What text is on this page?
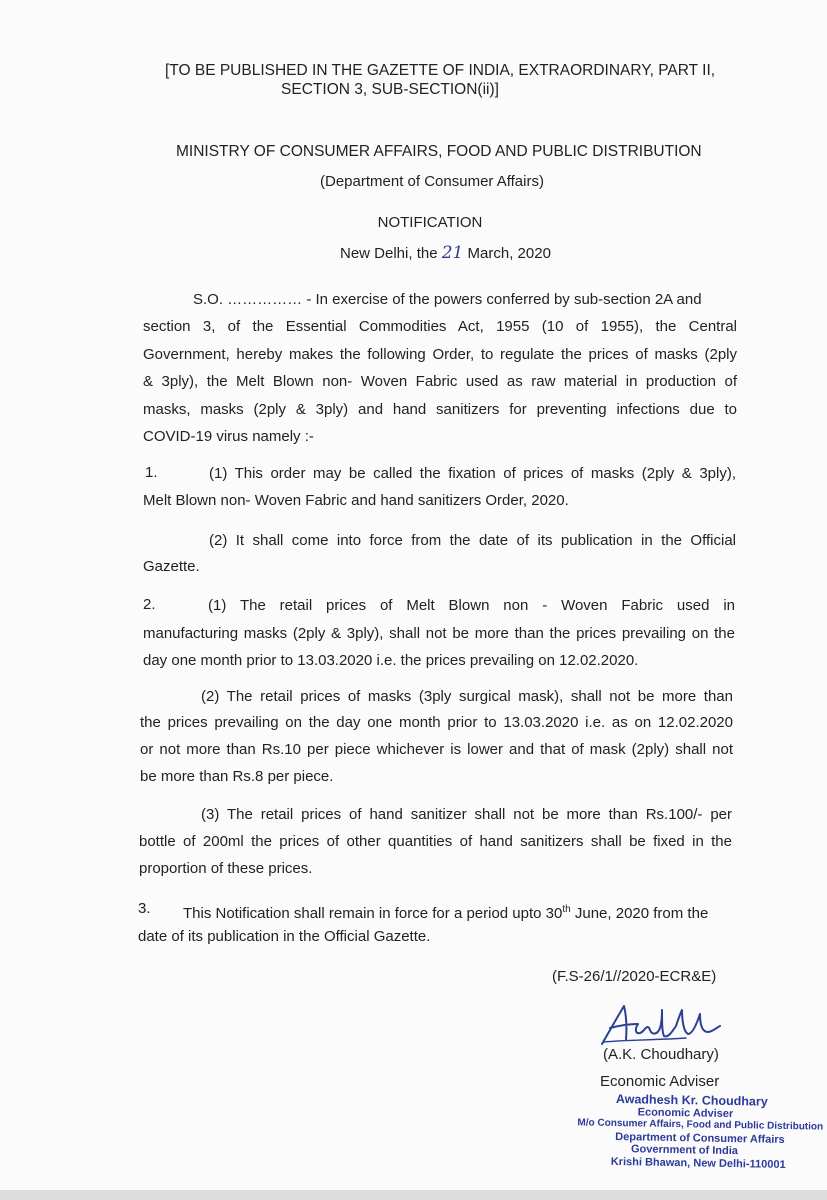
[TO BE PUBLISHED IN THE GAZETTE OF INDIA, EXTRAORDINARY, PART II,
SECTION 3, SUB-SECTION(ii)]
MINISTRY OF CONSUMER AFFAIRS, FOOD AND PUBLIC DISTRIBUTION
(Department of Consumer Affairs)
NOTIFICATION
New Delhi, the 21 March, 2020
S.O. …………… - In exercise of the powers conferred by sub-section 2A and
section 3, of the Essential Commodities Act, 1955 (10 of 1955), the Central
Government, hereby makes the following Order, to regulate the prices of masks (2ply
& 3ply), the Melt Blown non- Woven Fabric used as raw material in production of
masks, masks (2ply & 3ply) and hand sanitizers for preventing infections due to
COVID-19 virus namely :-
1.	(1) This order may be called the fixation of prices of masks (2ply & 3ply),
Melt Blown non- Woven Fabric and hand sanitizers Order, 2020.
(2) It shall come into force from the date of its publication in the Official
Gazette.
2.	(1) The retail prices of Melt Blown non - Woven Fabric used in
manufacturing masks (2ply & 3ply), shall not be more than the prices prevailing on the
day one month prior to 13.03.2020 i.e. the prices prevailing on 12.02.2020.
(2) The retail prices of masks (3ply surgical mask), shall not be more than
the prices prevailing on the day one month prior to 13.03.2020 i.e. as on 12.02.2020
or not more than Rs.10 per piece whichever is lower and that of mask (2ply) shall not
be more than Rs.8 per piece.
(3) The retail prices of hand sanitizer shall not be more than Rs.100/- per
bottle of 200ml the prices of other quantities of hand sanitizers shall be fixed in the
proportion of these prices.
3. This Notification shall remain in force for a period upto 30th June, 2020 from the
date of its publication in the Official Gazette.
(F.S-26/1//2020-ECR&E)
(A.K. Choudhary)
Economic Adviser
Awadhesh Kr. Choudhary
Economic Adviser
M/o Consumer Affairs, Food and Public Distribution
Department of Consumer Affairs
Government of India
Krishi Bhawan, New Delhi-110001
